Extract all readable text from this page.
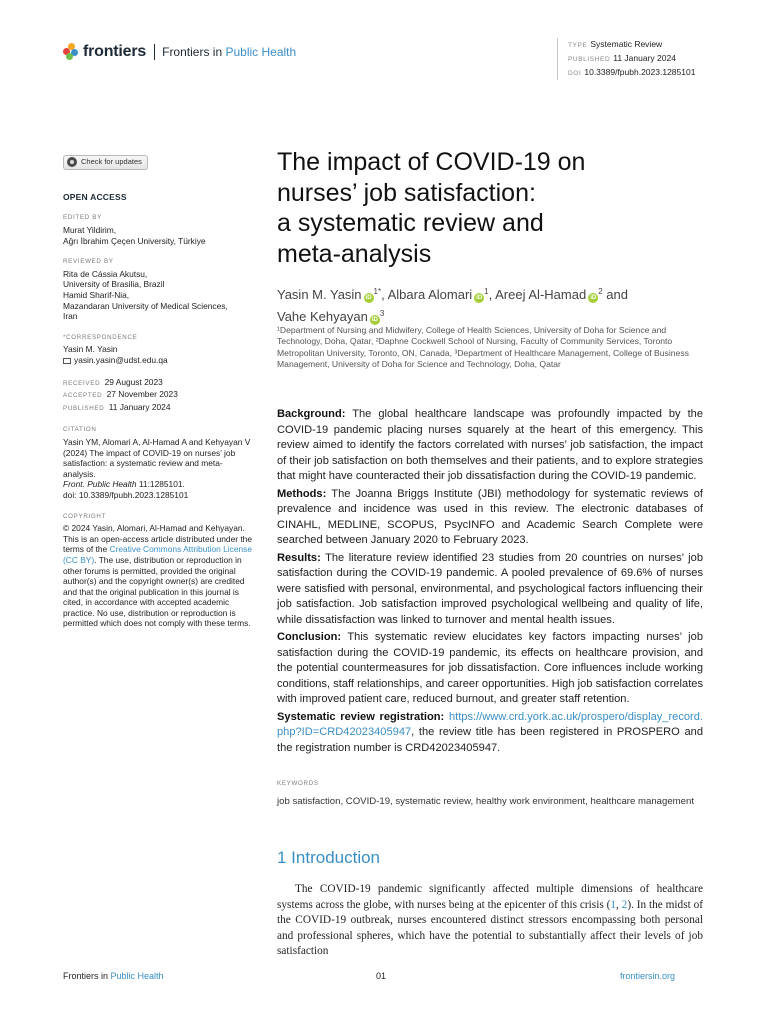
frontiers Frontiers in Public Health	TYPE Systematic Review
PUBLISHED 11 January 2024
DOI 10.3389/fpubh.2023.1285101
Check for updates
OPEN ACCESS
EDITED BY
Murat Yildirim,
Ağrı İbrahim Çeçen University, Türkiye
REVIEWED BY
Rita de Cássia Akutsu,
University of Brasilia, Brazil
Hamid Sharif-Nia,
Mazandaran University of Medical Sciences,
Iran
*CORRESPONDENCE
Yasin M. Yasin
yasin.yasin@udst.edu.qa
RECEIVED 29 August 2023
ACCEPTED 27 November 2023
PUBLISHED 11 January 2024
CITATION
Yasin YM, Alomari A, Al-Hamad A and Kehyayan V (2024) The impact of COVID-19 on nurses’ job satisfaction: a systematic review and meta-analysis.
Front. Public Health 11:1285101.
doi: 10.3389/fpubh.2023.1285101
COPYRIGHT
© 2024 Yasin, Alomari, Al-Hamad and Kehyayan. This is an open-access article distributed under the terms of the Creative Commons Attribution License (CC BY). The use, distribution or reproduction in other forums is permitted, provided the original author(s) and the copyright owner(s) are credited and that the original publication in this journal is cited, in accordance with accepted academic practice. No use, distribution or reproduction is permitted which does not comply with these terms.
The impact of COVID-19 on
nurses’ job satisfaction:
a systematic review and
meta-analysis
Yasin M. Yasin $iD^{1*}$, Albara Alomari $iD^1$, Areej Al-Hamad $iD^2$ and
Vahe Kehyayan $iD^3$
¹Department of Nursing and Midwifery, College of Health Sciences, University of Doha for Science and Technology, Doha, Qatar, ²Daphne Cockwell School of Nursing, Faculty of Community Services, Toronto Metropolitan University, Toronto, ON, Canada, ³Department of Healthcare Management, College of Business Management, University of Doha for Science and Technology, Doha, Qatar

Background: The global healthcare landscape was profoundly impacted by the COVID-19 pandemic placing nurses squarely at the heart of this emergency. This review aimed to identify the factors correlated with nurses’ job satisfaction, the impact of their job satisfaction on both themselves and their patients, and to explore strategies that might have counteracted their job dissatisfaction during the COVID-19 pandemic.

Methods: The Joanna Briggs Institute (JBI) methodology for systematic reviews of prevalence and incidence was used in this review. The electronic databases of CINAHL, MEDLINE, SCOPUS, PsycINFO and Academic Search Complete were searched between January 2020 to February 2023.

Results: The literature review identified 23 studies from 20 countries on nurses’ job satisfaction during the COVID-19 pandemic. A pooled prevalence of 69.6% of nurses were satisfied with personal, environmental, and psychological factors influencing their job satisfaction. Job satisfaction improved psychological wellbeing and quality of life, while dissatisfaction was linked to turnover and mental health issues.

Conclusion: This systematic review elucidates key factors impacting nurses’ job satisfaction during the COVID-19 pandemic, its effects on healthcare provision, and the potential countermeasures for job dissatisfaction. Core influences include working conditions, staff relationships, and career opportunities. High job satisfaction correlates with improved patient care, reduced burnout, and greater staff retention.

Systematic review registration: https://www.crd.york.ac.uk/prospero/display_record.php?ID=CRD42023405947, the review title has been registered in PROSPERO and the registration number is CRD42023405947.

KEYWORDS
job satisfaction, COVID-19, systematic review, healthy work environment, healthcare management
1 Introduction
The COVID-19 pandemic significantly affected multiple dimensions of healthcare systems across the globe, with nurses being at the epicenter of this crisis (1, 2). In the midst of the COVID-19 outbreak, nurses encountered distinct stressors encompassing both personal and professional spheres, which have the potential to substantially affect their levels of job satisfaction
Frontiers in Public Health	01	frontiersin.org
